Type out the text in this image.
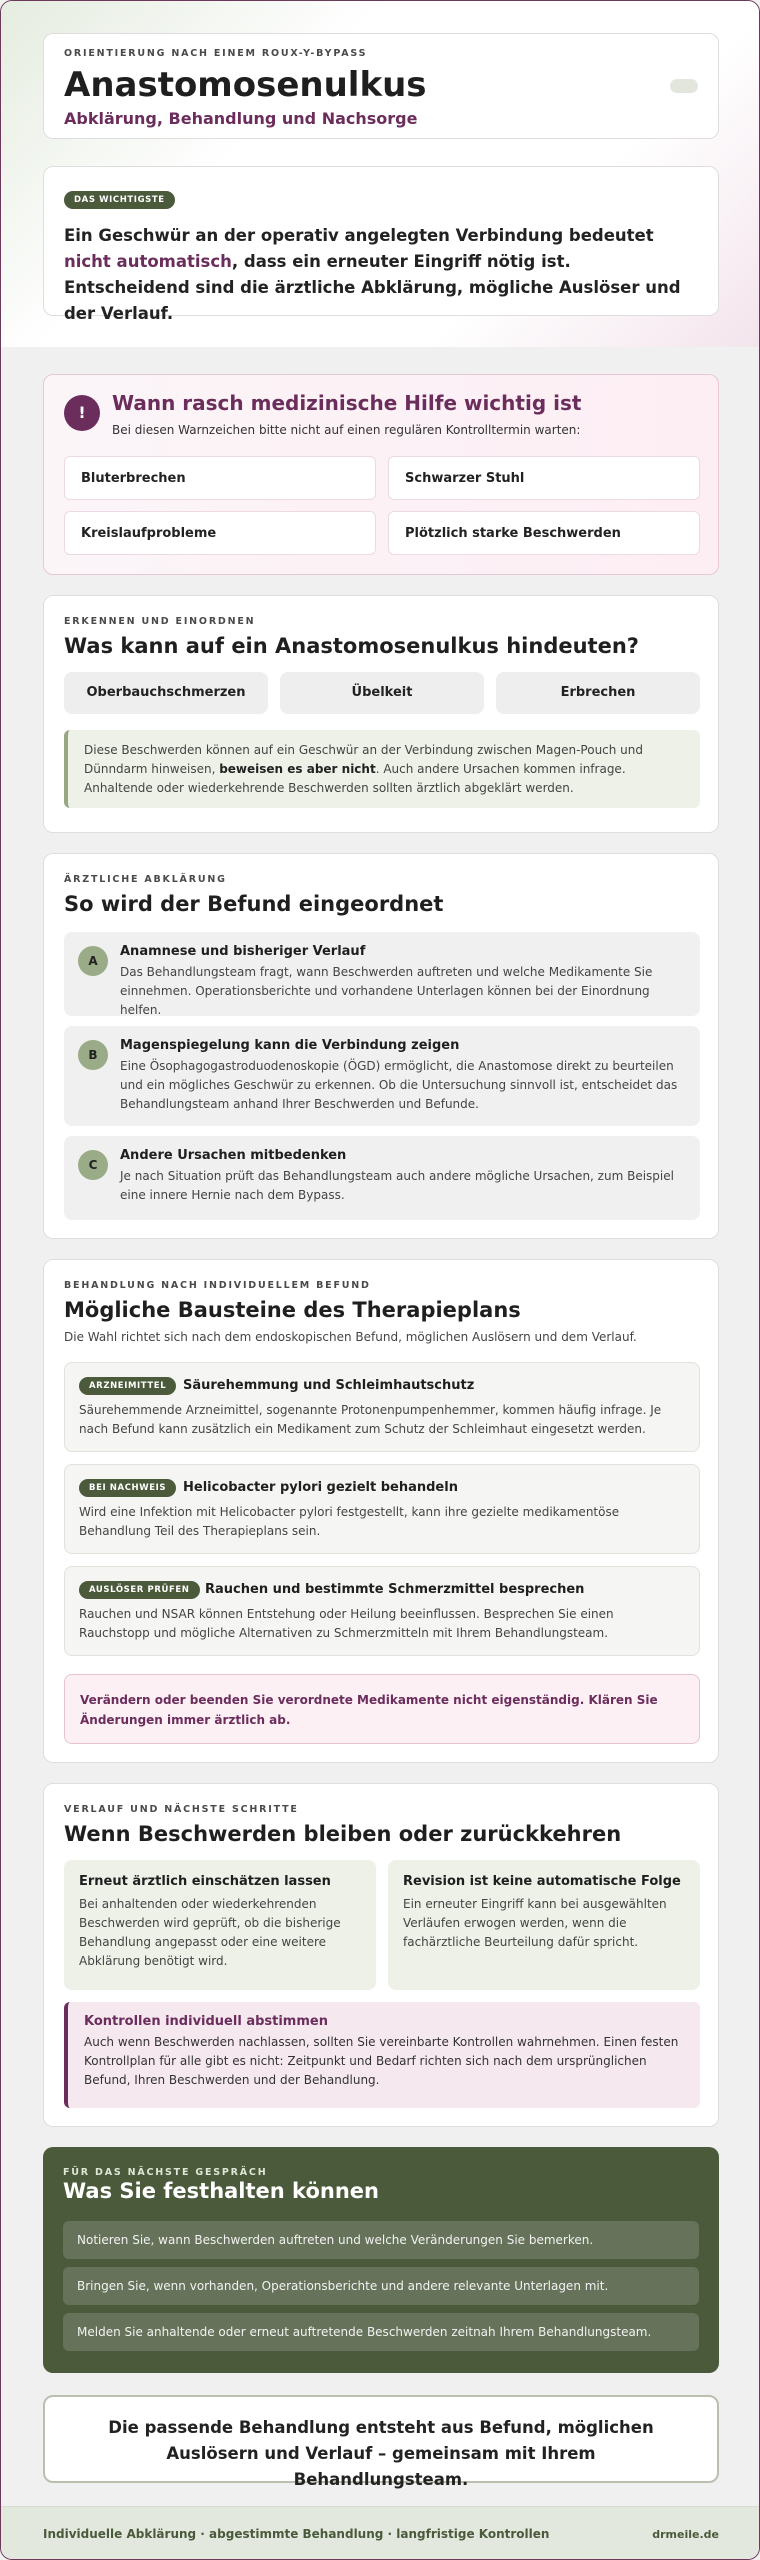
ORIENTIERUNG NACH EINEM ROUX-Y-BYPASS
Anastomosenulkus
Abklärung, Behandlung und Nachsorge
DAS WICHTIGSTE
Ein Geschwür an der operativ angelegten Verbindung bedeutet nicht automatisch, dass ein erneuter Eingriff nötig ist. Entscheidend sind die ärztliche Abklärung, mögliche Auslöser und der Verlauf.
!	Wann rasch medizinische Hilfe wichtig ist
Bei diesen Warnzeichen bitte nicht auf einen regulären Kontrolltermin warten:
Bluterbrechen	Schwarzer Stuhl
Kreislaufprobleme	Plötzlich starke Beschwerden
ERKENNEN UND EINORDNEN
Was kann auf ein Anastomosenulkus hindeuten?
Oberbauchschmerzen	Übelkeit	Erbrechen
Diese Beschwerden können auf ein Geschwür an der Verbindung zwischen Magen-Pouch und Dünndarm hinweisen, beweisen es aber nicht. Auch andere Ursachen kommen infrage. Anhaltende oder wiederkehrende Beschwerden sollten ärztlich abgeklärt werden.
ÄRZTLICHE ABKLÄRUNG
So wird der Befund eingeordnet
A
Anamnese und bisheriger Verlauf
Das Behandlungsteam fragt, wann Beschwerden auftreten und welche Medikamente Sie einnehmen. Operationsberichte und vorhandene Unterlagen können bei der Einordnung helfen.
B
Magenspiegelung kann die Verbindung zeigen
Eine Ösophagogastroduodenoskopie (ÖGD) ermöglicht, die Anastomose direkt zu beurteilen und ein mögliches Geschwür zu erkennen. Ob die Untersuchung sinnvoll ist, entscheidet das Behandlungsteam anhand Ihrer Beschwerden und Befunde.
C
Andere Ursachen mitbedenken
Je nach Situation prüft das Behandlungsteam auch andere mögliche Ursachen, zum Beispiel eine innere Hernie nach dem Bypass.
BEHANDLUNG NACH INDIVIDUELLEM BEFUND
Mögliche Bausteine des Therapieplans
Die Wahl richtet sich nach dem endoskopischen Befund, möglichen Auslösern und dem Verlauf.
ARZNEIMITTEL	Säurehemmung und Schleimhautschutz
Säurehemmende Arzneimittel, sogenannte Protonenpumpenhemmer, kommen häufig infrage. Je nach Befund kann zusätzlich ein Medikament zum Schutz der Schleimhaut eingesetzt werden.
BEI NACHWEIS	Helicobacter pylori gezielt behandeln
Wird eine Infektion mit Helicobacter pylori festgestellt, kann ihre gezielte medikamentöse Behandlung Teil des Therapieplans sein.
AUSLÖSER PRÜFEN	Rauchen und bestimmte Schmerzmittel besprechen
Rauchen und NSAR können Entstehung oder Heilung beeinflussen. Besprechen Sie einen Rauchstopp und mögliche Alternativen zu Schmerzmitteln mit Ihrem Behandlungsteam.
Verändern oder beenden Sie verordnete Medikamente nicht eigenständig. Klären Sie Änderungen immer ärztlich ab.
VERLAUF UND NÄCHSTE SCHRITTE
Wenn Beschwerden bleiben oder zurückkehren
Erneut ärztlich einschätzen lassen
Bei anhaltenden oder wiederkehrenden Beschwerden wird geprüft, ob die bisherige Behandlung angepasst oder eine weitere Abklärung benötigt wird.
Revision ist keine automatische Folge
Ein erneuter Eingriff kann bei ausgewählten Verläufen erwogen werden, wenn die fachärztliche Beurteilung dafür spricht.
Kontrollen individuell abstimmen
Auch wenn Beschwerden nachlassen, sollten Sie vereinbarte Kontrollen wahrnehmen. Einen festen Kontrollplan für alle gibt es nicht: Zeitpunkt und Bedarf richten sich nach dem ursprünglichen Befund, Ihren Beschwerden und der Behandlung.
FÜR DAS NÄCHSTE GESPRÄCH
Was Sie festhalten können
Notieren Sie, wann Beschwerden auftreten und welche Veränderungen Sie bemerken.
Bringen Sie, wenn vorhanden, Operationsberichte und andere relevante Unterlagen mit.
Melden Sie anhaltende oder erneut auftretende Beschwerden zeitnah Ihrem Behandlungsteam.
Die passende Behandlung entsteht aus Befund, möglichen Auslösern und Verlauf – gemeinsam mit Ihrem Behandlungsteam.
Individuelle Abklärung · abgestimmte Behandlung · langfristige Kontrollen	drmeile.de
